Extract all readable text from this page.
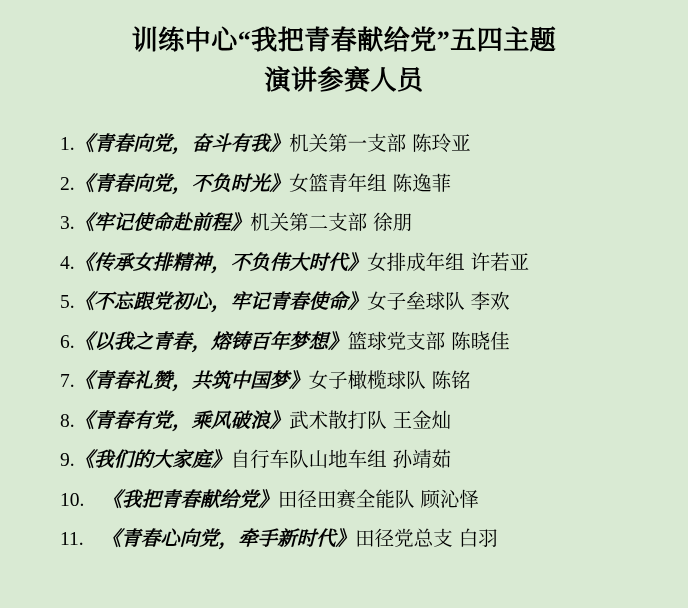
训练中心“我把青春献给党”五四主题
演讲参赛人员
1.《青春向党，奋斗有我》机关第一支部 陈玲亚
2.《青春向党，不负时光》女篮青年组 陈逸菲
3.《牢记使命赴前程》机关第二支部 徐朋
4.《传承女排精神，不负伟大时代》女排成年组 许若亚
5.《不忘跟党初心，牢记青春使命》女子垒球队 李欢
6.《以我之青春，熔铸百年梦想》篮球党支部 陈晓佳
7.《青春礼赞，共筑中国梦》女子橄榄球队 陈铭
8.《青春有党，乘风破浪》武术散打队 王金灿
9.《我们的大家庭》自行车队山地车组 孙靖茹
10. 《我把青春献给党》田径田赛全能队 顾沁怿
11. 《青春心向党，牵手新时代》田径党总支 白羽
